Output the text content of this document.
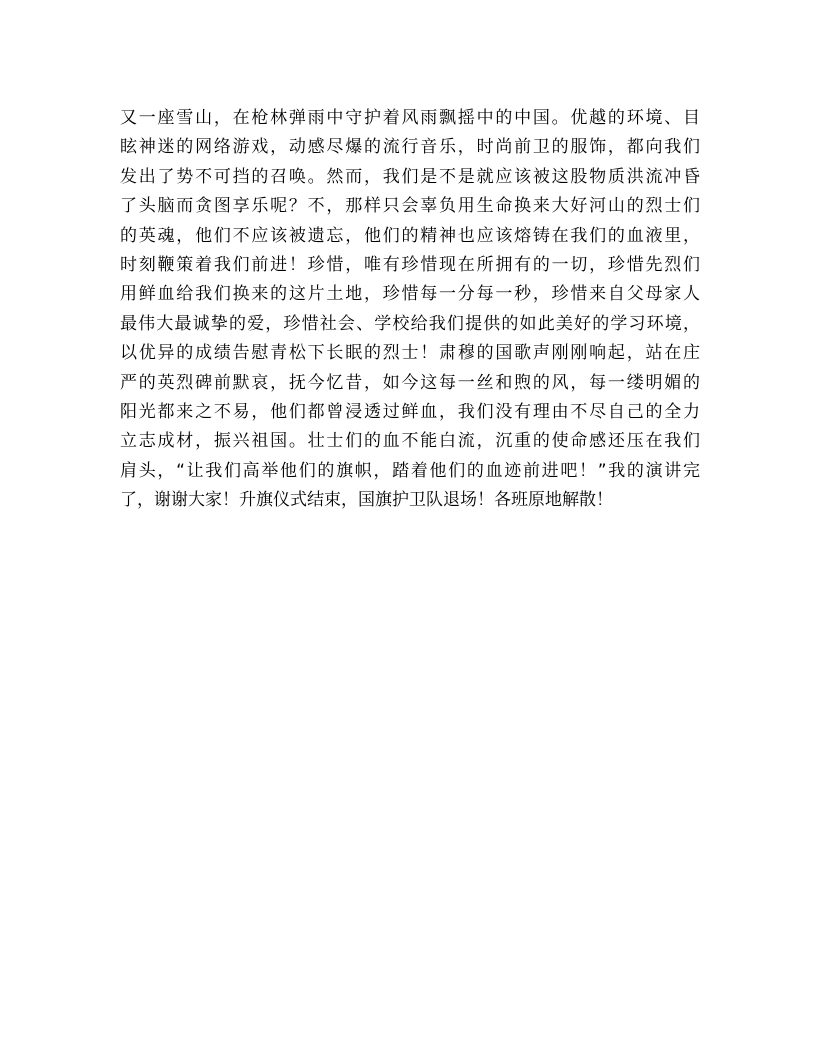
又一座雪山，在枪林弹雨中守护着风雨飘摇中的中国。优越的环境、目
眩神迷的网络游戏，动感尽爆的流行音乐，时尚前卫的服饰，都向我们
发出了势不可挡的召唤。然而，我们是不是就应该被这股物质洪流冲昏
了头脑而贪图享乐呢？不，那样只会辜负用生命换来大好河山的烈士们
的英魂，他们不应该被遗忘，他们的精神也应该熔铸在我们的血液里，
时刻鞭策着我们前进！珍惜，唯有珍惜现在所拥有的一切，珍惜先烈们
用鲜血给我们换来的这片土地，珍惜每一分每一秒，珍惜来自父母家人
最伟大最诚挚的爱，珍惜社会、学校给我们提供的如此美好的学习环境，
以优异的成绩告慰青松下长眠的烈士！肃穆的国歌声刚刚响起，站在庄
严的英烈碑前默哀，抚今忆昔，如今这每一丝和煦的风，每一缕明媚的
阳光都来之不易，他们都曾浸透过鲜血，我们没有理由不尽自己的全力
立志成材，振兴祖国。壮士们的血不能白流，沉重的使命感还压在我们
肩头，“让我们高举他们的旗帜，踏着他们的血迹前进吧！”我的演讲完
了，谢谢大家！升旗仪式结束，国旗护卫队退场！各班原地解散！
